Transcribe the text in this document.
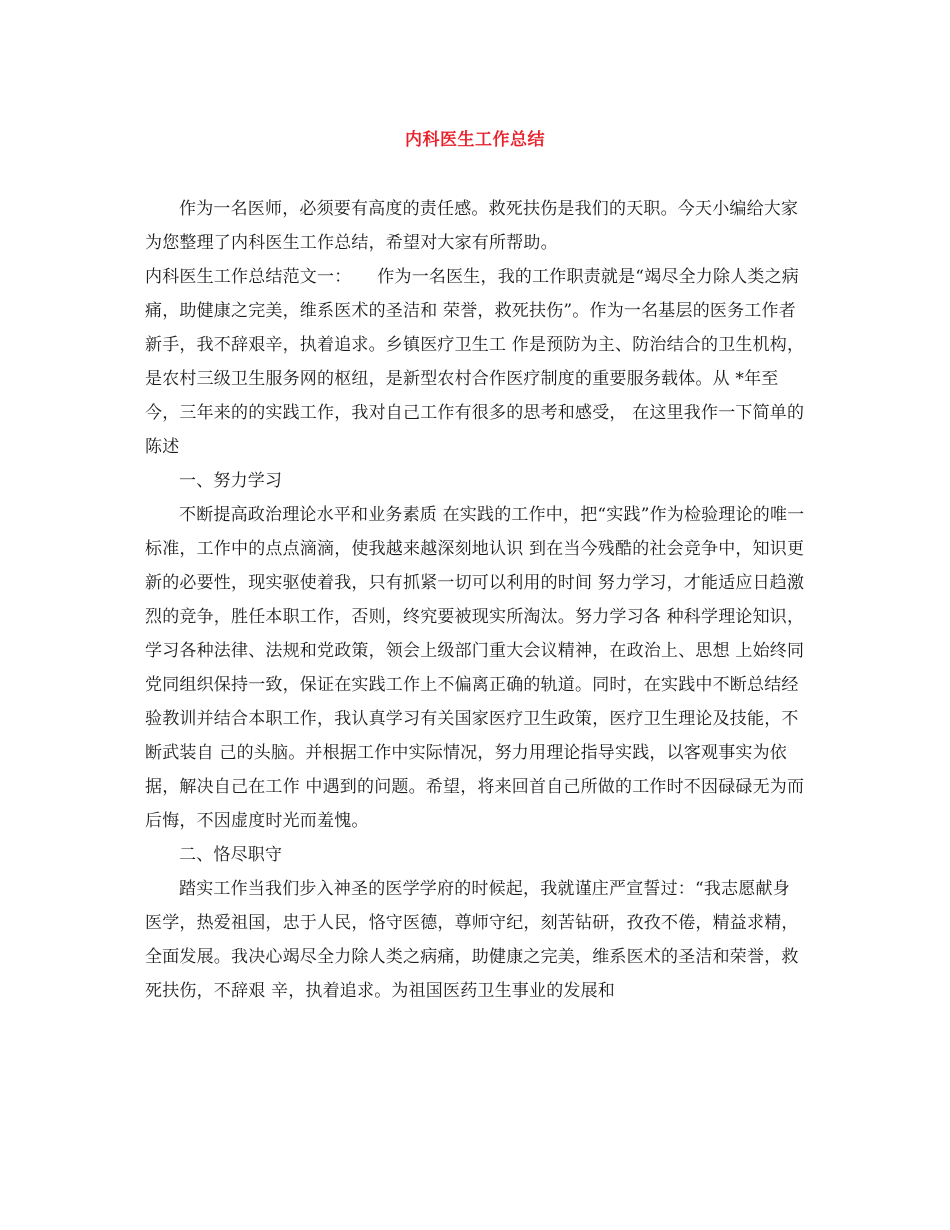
内科医生工作总结

作为一名医师，必须要有高度的责任感。救死扶伤是我们的天职。今天小编给大家为您整理了内科医生工作总结，希望对大家有所帮助。

内科医生工作总结范文一：　　作为一名医生，我的工作职责就是“竭尽全力除人类之病痛，助健康之完美，维系医术的圣洁和 荣誉，救死扶伤”。作为一名基层的医务工作者新手，我不辞艰辛，执着追求。乡镇医疗卫生工 作是预防为主、防治结合的卫生机构，是农村三级卫生服务网的枢纽，是新型农村合作医疗制度的重要服务载体。从 *年至今，三年来的的实践工作，我对自己工作有很多的思考和感受， 在这里我作一下简单的陈述

一、努力学习

不断提高政治理论水平和业务素质 在实践的工作中，把“实践”作为检验理论的唯一标准，工作中的点点滴滴，使我越来越深刻地认识 到在当今残酷的社会竞争中，知识更新的必要性，现实驱使着我，只有抓紧一切可以利用的时间 努力学习，才能适应日趋激烈的竞争，胜任本职工作，否则，终究要被现实所淘汰。努力学习各 种科学理论知识，学习各种法律、法规和党政策，领会上级部门重大会议精神，在政治上、思想 上始终同党同组织保持一致，保证在实践工作上不偏离正确的轨道。同时，在实践中不断总结经 验教训并结合本职工作，我认真学习有关国家医疗卫生政策，医疗卫生理论及技能，不断武装自 己的头脑。并根据工作中实际情况，努力用理论指导实践，以客观事实为依据，解决自己在工作 中遇到的问题。希望，将来回首自己所做的工作时不因碌碌无为而后悔，不因虚度时光而羞愧。

二、恪尽职守

踏实工作当我们步入神圣的医学学府的时候起，我就谨庄严宣誓过：“我志愿献身医学，热爱祖国，忠于人民，恪守医德，尊师守纪，刻苦钻研，孜孜不倦，精益求精，全面发展。我决心竭尽全力除人类之病痛，助健康之完美，维系医术的圣洁和荣誉，救死扶伤，不辞艰 辛，执着追求。为祖国医药卫生事业的发展和
